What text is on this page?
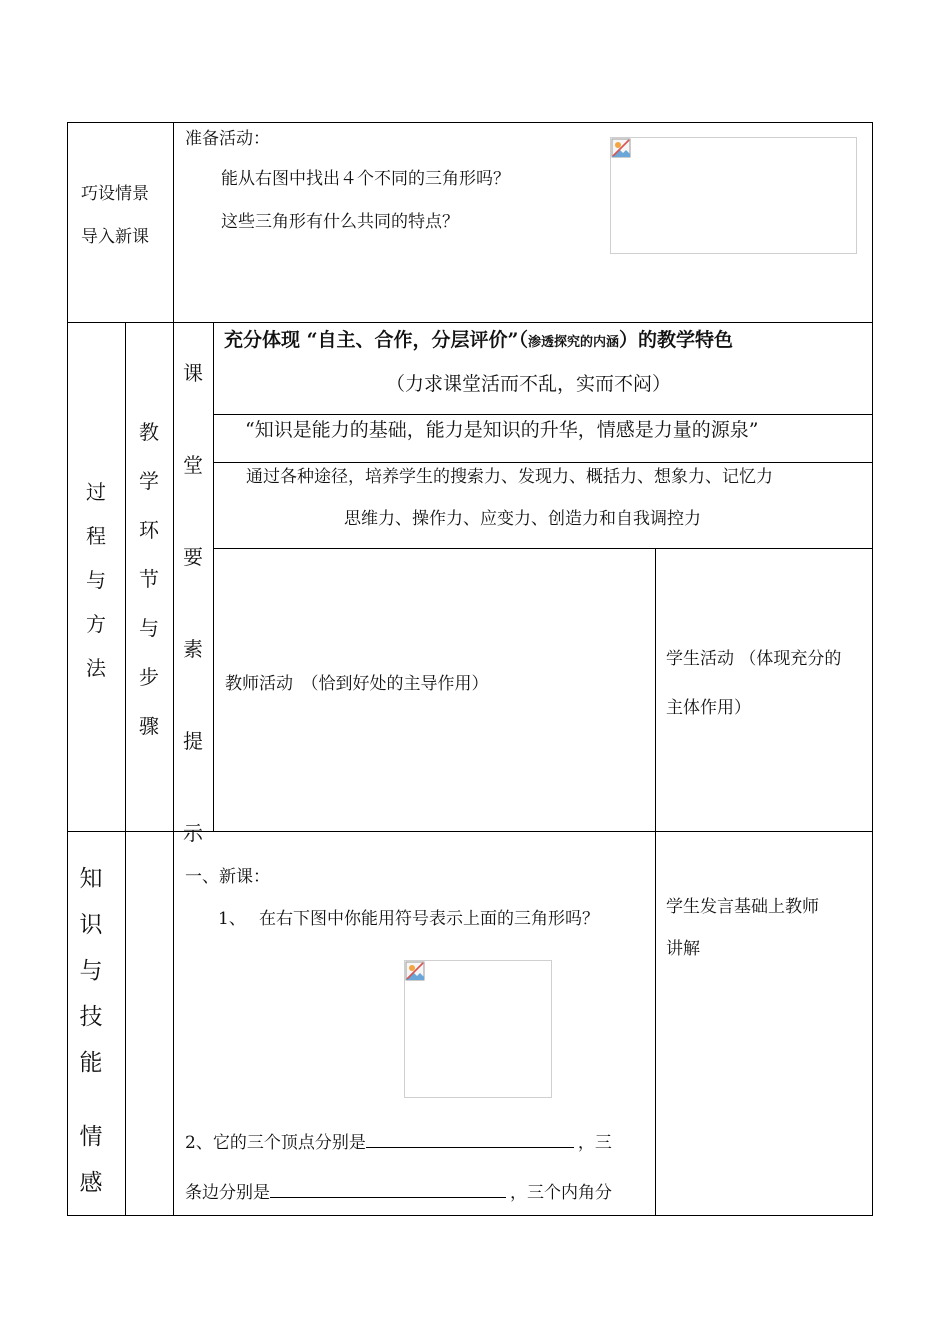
巧设情景
导入新课
准备活动：
能从右图中找出４个不同的三角形吗？
这些三角形有什么共同的特点？
过
程
与
方
法
教
学
环
节
与
步
骤
课
堂
要
素
提
示
充分体现 “自主、合作，分层评价”（渗透探究的内涵）的教学特色
（力求课堂活而不乱，实而不闷）
“知识是能力的基础，能力是知识的升华，情感是力量的源泉”
通过各种途径，培养学生的搜索力、发现力、概括力、想象力、记忆力
思维力、操作力、应变力、创造力和自我调控力
教师活动　（恰到好处的主导作用）
学生活动 （体现充分的
主体作用）
知
识
与
技
能
情
感
一、新课：
1、 在右下图中你能用符号表示上面的三角形吗？
2、它的三个顶点分别是	，三
条边分别是	，三个内角分
学生发言基础上教师
讲解
